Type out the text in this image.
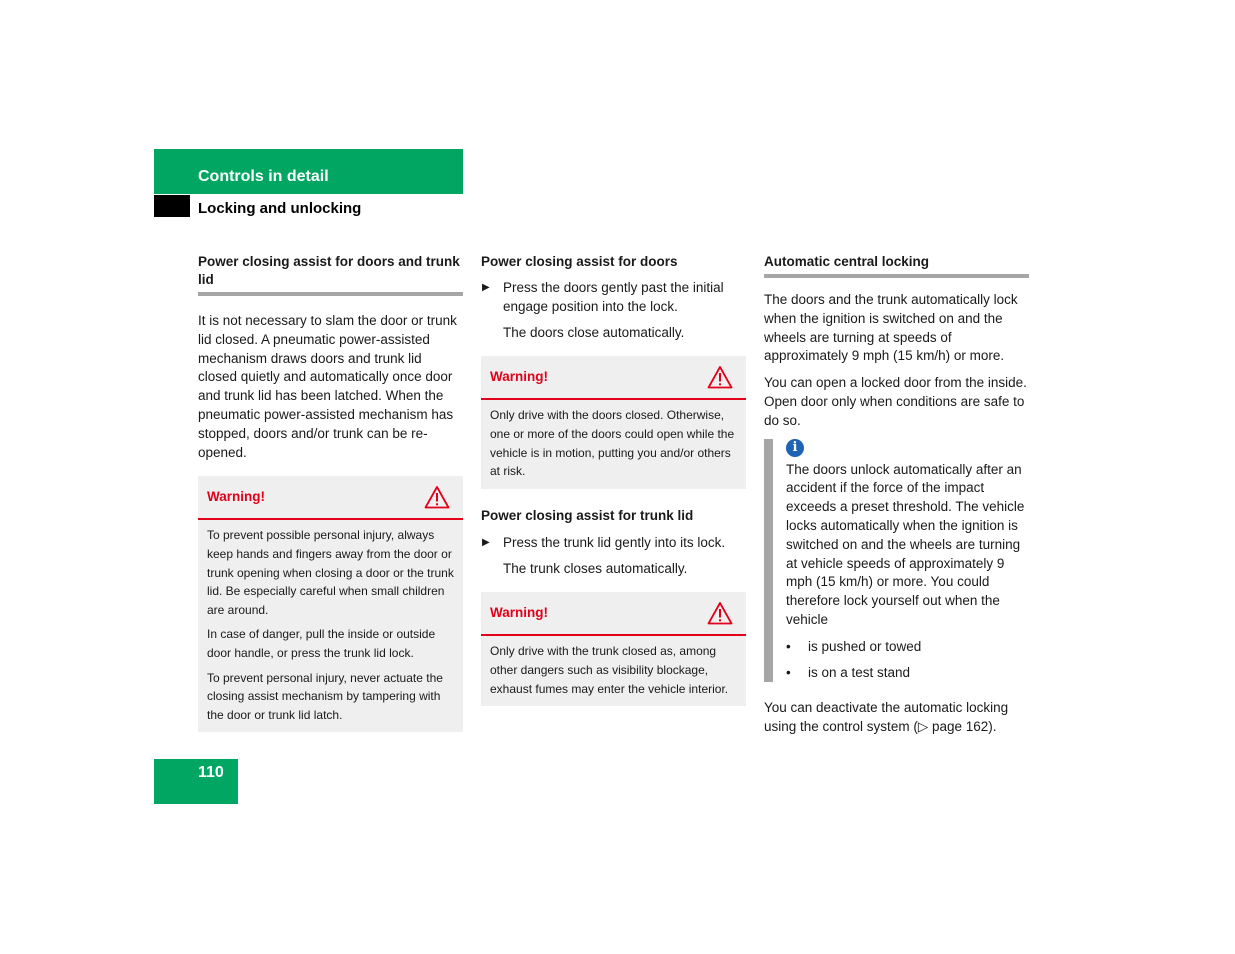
Controls in detail
Locking and unlocking

Power closing assist for doors and trunk lid

It is not necessary to slam the door or trunk lid closed. A pneumatic power-assisted mechanism draws doors and trunk lid closed quietly and automatically once door and trunk lid has been latched. When the pneumatic power-assisted mechanism has stopped, doors and/or trunk can be re-opened.

Warning!

To prevent possible personal injury, always keep hands and fingers away from the door or trunk opening when closing a door or the trunk lid. Be especially careful when small children are around.

In case of danger, pull the inside or outside door handle, or press the trunk lid lock.

To prevent personal injury, never actuate the closing assist mechanism by tampering with the door or trunk lid latch.

Power closing assist for doors

▶ Press the doors gently past the initial engage position into the lock.
The doors close automatically.
Warning!

Only drive with the doors closed. Otherwise, one or more of the doors could open while the vehicle is in motion, putting you and/or others at risk.

Power closing assist for trunk lid

▶ Press the trunk lid gently into its lock.
The trunk closes automatically.
Warning!

Only drive with the trunk closed as, among other dangers such as visibility blockage, exhaust fumes may enter the vehicle interior.

Automatic central locking

The doors and the trunk automatically lock when the ignition is switched on and the wheels are turning at speeds of approximately 9 mph (15 km/h) or more.

You can open a locked door from the inside. Open door only when conditions are safe to do so.

i

The doors unlock automatically after an accident if the force of the impact exceeds a preset threshold. The vehicle locks automatically when the ignition is switched on and the wheels are turning at vehicle speeds of approximately 9 mph (15 km/h) or more. You could therefore lock yourself out when the vehicle

• is pushed or towed
• is on a test stand

You can deactivate the automatic locking using the control system (▷ page 162).

110
